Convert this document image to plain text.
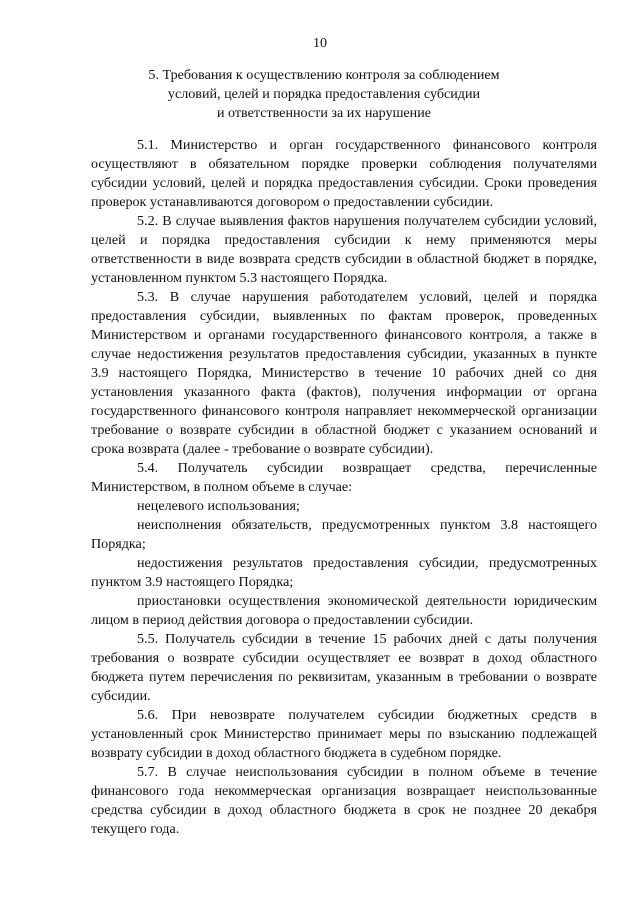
10
5. Требования к осуществлению контроля за соблюдением
условий, целей и порядка предоставления субсидии
и ответственности за их нарушение

5.1. Министерство и орган государственного финансового контроля осуществляют в обязательном порядке проверки соблюдения получателями субсидии условий, целей и порядка предоставления субсидии. Сроки проведения проверок устанавливаются договором о предоставлении субсидии.

5.2. В случае выявления фактов нарушения получателем субсидии условий, целей и порядка предоставления субсидии к нему применяются меры ответственности в виде возврата средств субсидии в областной бюджет в порядке, установленном пунктом 5.3 настоящего Порядка.

5.3. В случае нарушения работодателем условий, целей и порядка предоставления субсидии, выявленных по фактам проверок, проведенных Министерством и органами государственного финансового контроля, а также в случае недостижения результатов предоставления субсидии, указанных в пункте 3.9 настоящего Порядка, Министерство в течение 10 рабочих дней со дня установления указанного факта (фактов), получения информации от органа государственного финансового контроля направляет некоммерческой организации требование о возврате субсидии в областной бюджет с указанием оснований и срока возврата (далее - требование о возврате субсидии).

5.4. Получатель субсидии возвращает средства, перечисленные Министерством, в полном объеме в случае:

нецелевого использования;

неисполнения обязательств, предусмотренных пунктом 3.8 настоящего Порядка;

недостижения результатов предоставления субсидии, предусмотренных пунктом 3.9 настоящего Порядка;

приостановки осуществления экономической деятельности юридическим лицом в период действия договора о предоставлении субсидии.

5.5. Получатель субсидии в течение 15 рабочих дней с даты получения требования о возврате субсидии осуществляет ее возврат в доход областного бюджета путем перечисления по реквизитам, указанным в требовании о возврате субсидии.

5.6. При невозврате получателем субсидии бюджетных средств в установленный срок Министерство принимает меры по взысканию подлежащей возврату субсидии в доход областного бюджета в судебном порядке.

5.7. В случае неиспользования субсидии в полном объеме в течение финансового года некоммерческая организация возвращает неиспользованные средства субсидии в доход областного бюджета в срок не позднее 20 декабря текущего года.
